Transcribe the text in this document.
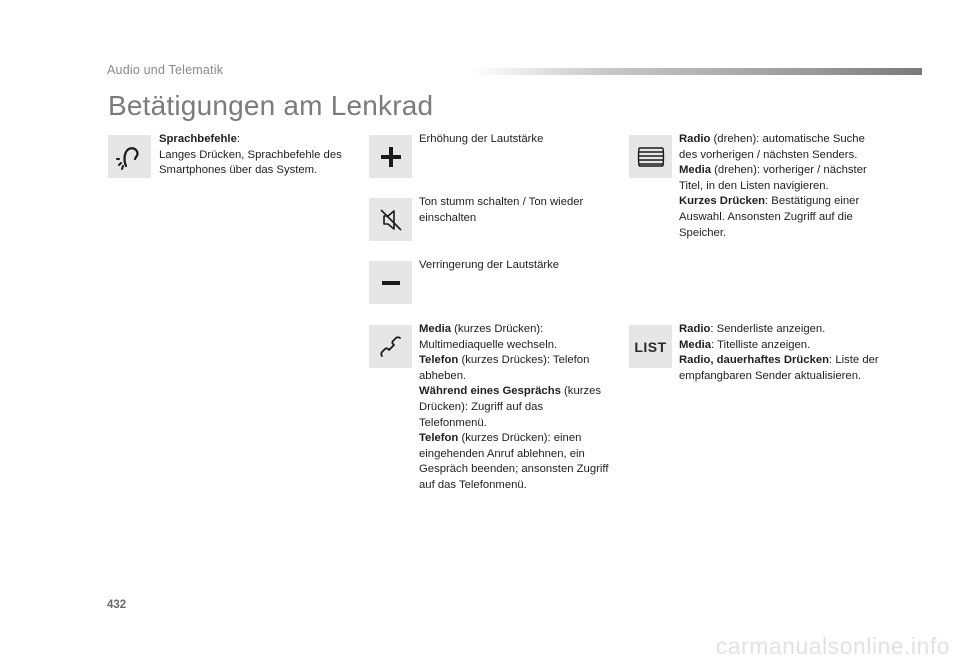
Audio und Telematik
Betätigungen am Lenkrad

Sprachbefehle:

Langes Drücken, Sprachbefehle des Smartphones über das System.

Erhöhung der Lautstärke
Ton stumm schalten / Ton wieder einschalten
Verringerung der Lautstärke

Media (kurzes Drücken): Multimediaquelle wechseln.

Telefon (kurzes Drückes): Telefon abheben.

Während eines Gesprächs (kurzes Drücken): Zugriff auf das Telefonmenü.

Telefon (kurzes Drücken): einen eingehenden Anruf ablehnen, ein Gespräch beenden; ansonsten Zugriff auf das Telefonmenü.

Radio (drehen): automatische Suche des vorherigen / nächsten Senders.

Media (drehen): vorheriger / nächster Titel, in den Listen navigieren.

Kurzes Drücken: Bestätigung einer Auswahl. Ansonsten Zugriff auf die Speicher.

LIST

Radio: Senderliste anzeigen.

Media: Titelliste anzeigen.

Radio, dauerhaftes Drücken: Liste der empfangbaren Sender aktualisieren.

432
carmanualsonline.info
